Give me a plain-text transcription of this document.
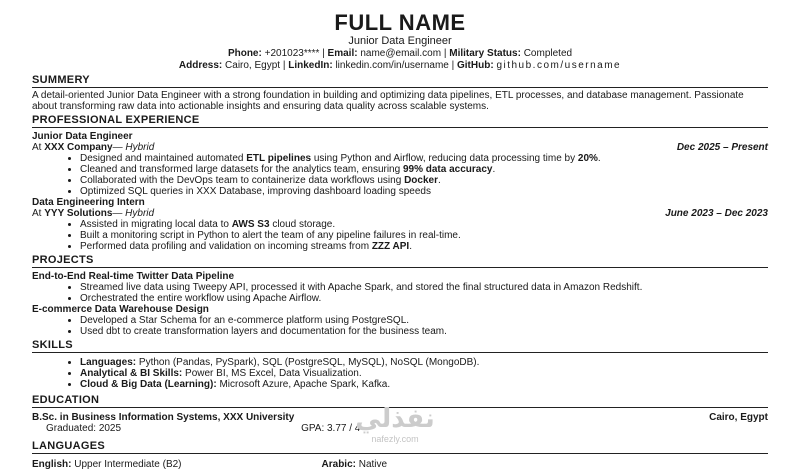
FULL NAME
Junior Data Engineer
Phone: +201023**** | Email: name@email.com | Military Status: Completed
Address: Cairo, Egypt | LinkedIn: linkedin.com/in/username | GitHub: github.com/username
SUMMERY

A detail-oriented Junior Data Engineer with a strong foundation in building and optimizing data pipelines, ETL processes, and database management. Passionate about transforming raw data into actionable insights and ensuring data quality across scalable systems.

PROFESSIONAL EXPERIENCE
Junior Data Engineer
At XXX Company— Hybrid	Dec 2025 – Present
• Designed and maintained automated ETL pipelines using Python and Airflow, reducing data processing time by 20%.
• Cleaned and transformed large datasets for the analytics team, ensuring 99% data accuracy.
• Collaborated with the DevOps team to containerize data workflows using Docker.
• Optimized SQL queries in XXX Database, improving dashboard loading speeds
Data Engineering Intern
At YYY Solutions— Hybrid	June 2023 – Dec 2023
• Assisted in migrating local data to AWS S3 cloud storage.
• Built a monitoring script in Python to alert the team of any pipeline failures in real-time.
• Performed data profiling and validation on incoming streams from ZZZ API.
PROJECTS
End-to-End Real-time Twitter Data Pipeline
• Streamed live data using Tweepy API, processed it with Apache Spark, and stored the final structured data in Amazon Redshift.
• Orchestrated the entire workflow using Apache Airflow.
E-commerce Data Warehouse Design
• Developed a Star Schema for an e-commerce platform using PostgreSQL.
• Used dbt to create transformation layers and documentation for the business team.
SKILLS
• Languages: Python (Pandas, PySpark), SQL (PostgreSQL, MySQL), NoSQL (MongoDB).
• Analytical & BI Skills: Power BI, MS Excel, Data Visualization.
• Cloud & Big Data (Learning): Microsoft Azure, Apache Spark, Kafka.
EDUCATION
B.Sc. in Business Information Systems, XXX University	Cairo, Egypt
Graduated: 2025	GPA: 3.77 / 4
LANGUAGES
English: Upper Intermediate (B2)	Arabic: Native
نفذلي
nafezly.com
